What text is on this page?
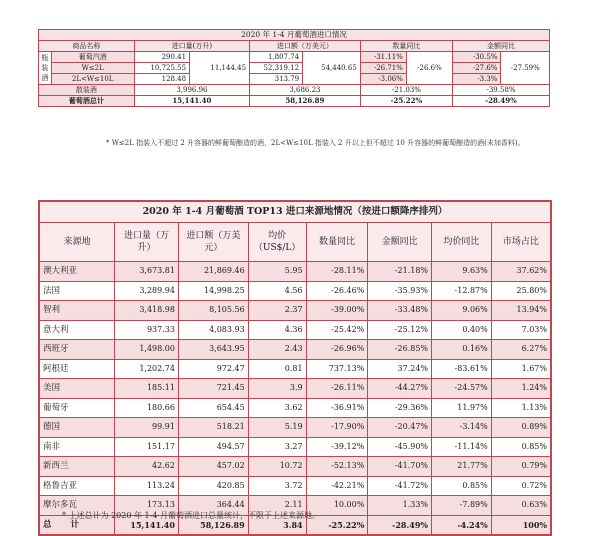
2020 年 1-4 月葡萄酒进口情况									
商品名称		进口量(万升)		进口额（万美元）		数量同比		金额同比	
瓶装酒	葡萄汽酒	290.41	11,144.45	1,807.74	54,440.65	-31.11%	-26.6%	-30.5%	-27.59%
	W≤2L	10,725.55		52,319.12		-26.71%		-27.6%	
	2L<W≤10L	128.48		313.79		-3.06%		-3.3%	
散装酒		3,996.96		3,686.23		-21.03%		-39.58%	
葡萄酒总计		15,141.40		58,126.89		-25.22%		-28.49%	
* W≤2L 指装入不超过 2 升容器的鲜葡萄酿造的酒，2L<W≤10L 指装入 2 升以上但不超过 10 升容器的鲜葡萄酿造的酒(未加香料)。
2020 年 1-4 月葡萄酒 TOP13 进口来源地情况（按进口额降序排列）							
来源地	进口量（万升）	进口额（万美元）	均价（US$/L）	数量同比	金额同比	均价同比	市场占比
澳大利亚	3,673.81	21,869.46	5.95	-28.11%	-21.18%	9.63%	37.62%
法国	3,289.94	14,998.25	4.56	-26.46%	-35.93%	-12.87%	25.80%
智利	3,418.98	8,105.56	2.37	-39.00%	-33.48%	9.06%	13.94%
意大利	937.33	4,083.93	4.36	-25.42%	-25.12%	0.40%	7.03%
西班牙	1,498.00	3,643.95	2.43	-26.96%	-26.85%	0.16%	6.27%
阿根廷	1,202.74	972.47	0.81	737.13%	37.24%	-83.61%	1.67%
美国	185.11	721.45	3.9	-26.11%	-44.27%	-24.57%	1.24%
葡萄牙	180.66	654.45	3.62	-36.91%	-29.36%	11.97%	1.13%
德国	99.91	518.21	5.19	-17.90%	-20.47%	-3.14%	0.89%
南非	151.17	494.57	3.27	-39.12%	-45.90%	-11.14%	0.85%
新西兰	42.62	457.02	10.72	-52.13%	-41.70%	21.77%	0.79%
格鲁吉亚	113.24	420.85	3.72	-42.21%	-41.72%	0.85%	0.72%
摩尔多瓦	173.13	364.44	2.11	10.00%	1.33%	-7.89%	0.63%
总 计	15,141.40	58,126.89	3.84	-25.22%	-28.49%	-4.24%	100%
* 上述总计为 2020 年 1-4 月葡萄酒进口总量统计，不限于上述来源地。
